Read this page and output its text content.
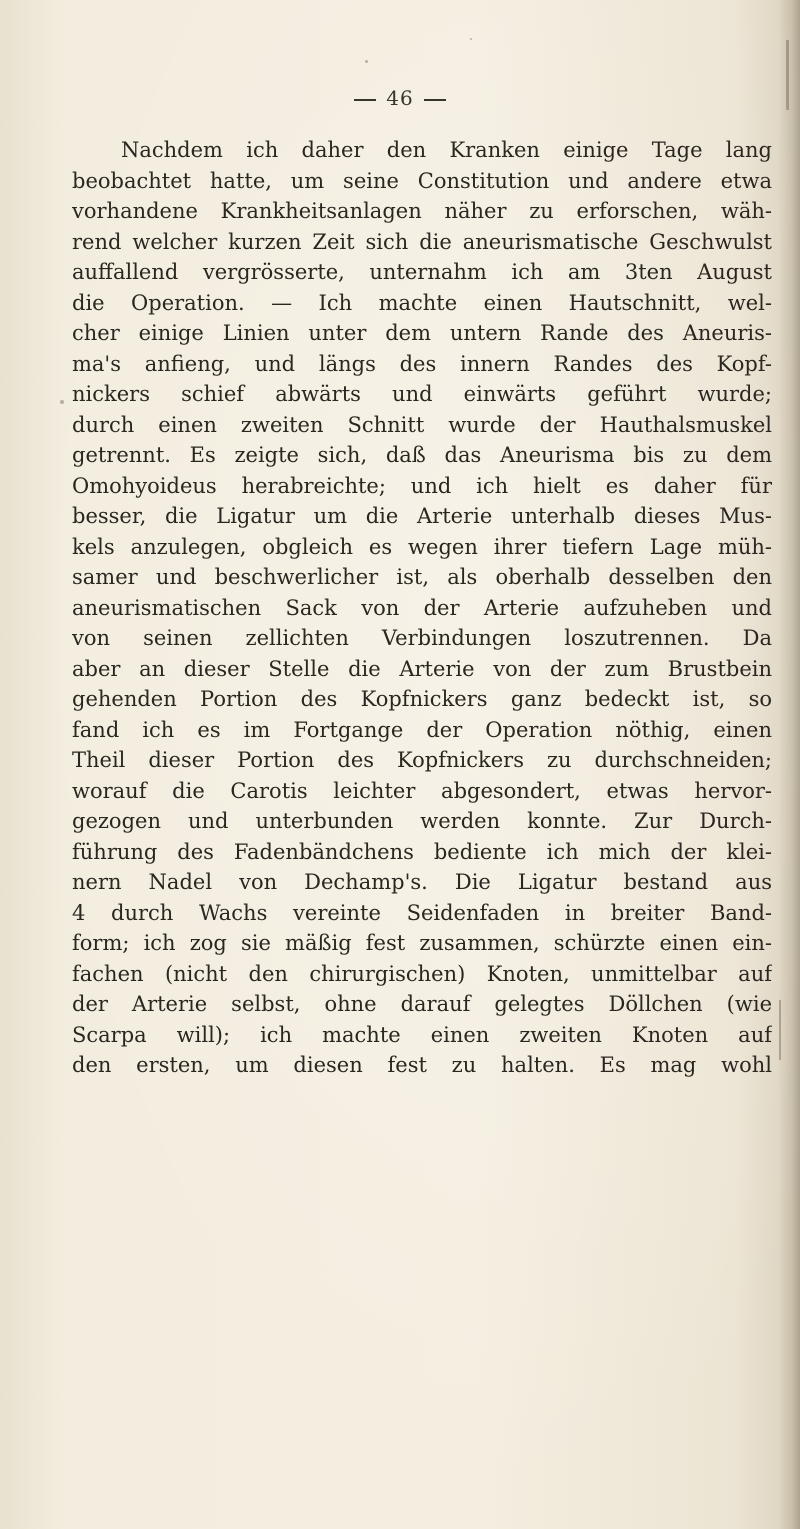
46
Nachdem ich daher den Kranken einige Tage lang
beobachtet hatte, um seine Constitution und andere etwa
vorhandene Krankheitsanlagen näher zu erforschen, wäh-
rend welcher kurzen Zeit sich die aneurismatische Geschwulst
auffallend vergrösserte, unternahm ich am 3ten August
die Operation. — Ich machte einen Hautschnitt, wel-
cher einige Linien unter dem untern Rande des Aneuris-
ma's anfieng, und längs des innern Randes des Kopf-
nickers schief abwärts und einwärts geführt wurde;
durch einen zweiten Schnitt wurde der Hauthalsmuskel
getrennt. Es zeigte sich, daß das Aneurisma bis zu dem
Omohyoideus herabreichte; und ich hielt es daher für
besser, die Ligatur um die Arterie unterhalb dieses Mus-
kels anzulegen, obgleich es wegen ihrer tiefern Lage müh-
samer und beschwerlicher ist, als oberhalb desselben den
aneurismatischen Sack von der Arterie aufzuheben und
von seinen zellichten Verbindungen loszutrennen. Da
aber an dieser Stelle die Arterie von der zum Brustbein
gehenden Portion des Kopfnickers ganz bedeckt ist, so
fand ich es im Fortgange der Operation nöthig, einen
Theil dieser Portion des Kopfnickers zu durchschneiden;
worauf die Carotis leichter abgesondert, etwas hervor-
gezogen und unterbunden werden konnte. Zur Durch-
führung des Fadenbändchens bediente ich mich der klei-
nern Nadel von Dechamp's. Die Ligatur bestand aus
4 durch Wachs vereinte Seidenfaden in breiter Band-
form; ich zog sie mäßig fest zusammen, schürzte einen ein-
fachen (nicht den chirurgischen) Knoten, unmittelbar auf
der Arterie selbst, ohne darauf gelegtes Döllchen (wie
Scarpa will); ich machte einen zweiten Knoten auf
den ersten, um diesen fest zu halten. Es mag wohl
